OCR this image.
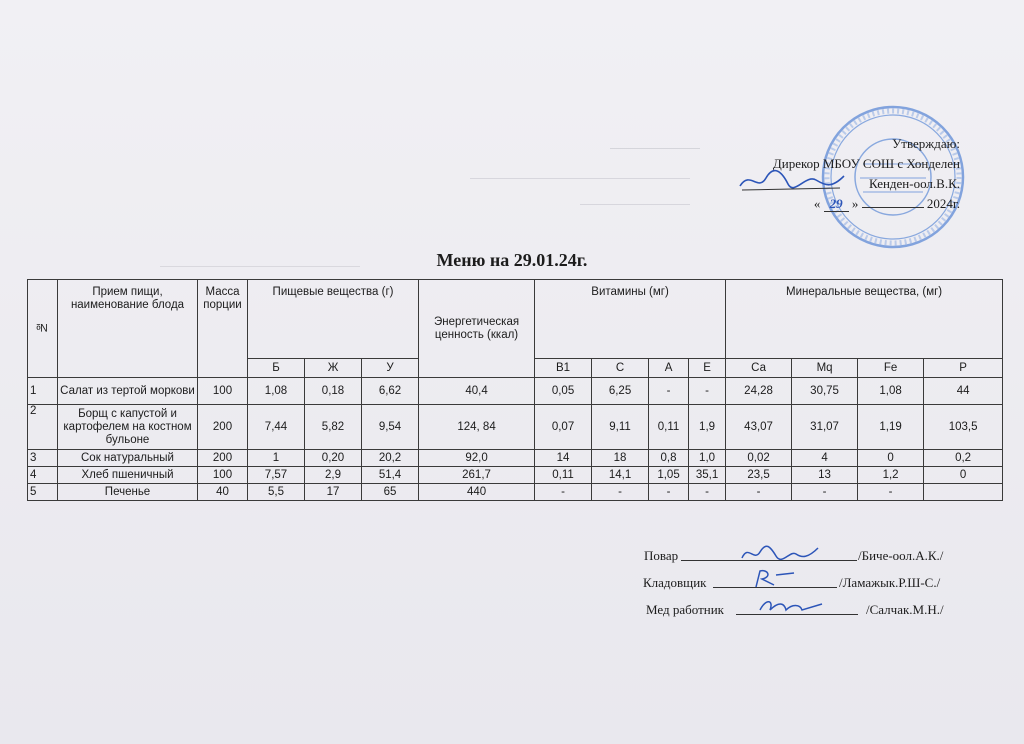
Утверждаю:
Дирекор МБОУ СОШ с Хонделен
Кенден-оол.В.К.
« 29 »	2024г.
Меню на 29.01.24г.
№	Прием пищи, наименование блода	Масса порции	Пищевые вещества (г)			Энергетическая ценность (ккал)	Витамины (мг)				Минеральные вещества, (мг)			
			Б	Ж	У		В1	С	А	Е	Са	Мq	Fe	Р
1	Салат из тертой моркови	100	1,08	0,18	6,62	40,4	0,05	6,25	-	-	24,28	30,75	1,08	44
2	Борщ с капустой и картофелем на костном бульоне	200	7,44	5,82	9,54	124, 84	0,07	9,11	0,11	1,9	43,07	31,07	1,19	103,5
3	Сок натуральный	200	1	0,20	20,2	92,0	14	18	0,8	1,0	0,02	4	0	0,2
4	Хлеб пшеничный	100	7,57	2,9	51,4	261,7	0,11	14,1	1,05	35,1	23,5	13	1,2	0
5	Печенье	40	5,5	17	65	440	-	-	-	-	-	-	-	
Повар	/Биче-оол.А.К./
Кладовщик	/Ламажык.Р.Ш-С./
Мед работник	/Салчак.М.Н./
